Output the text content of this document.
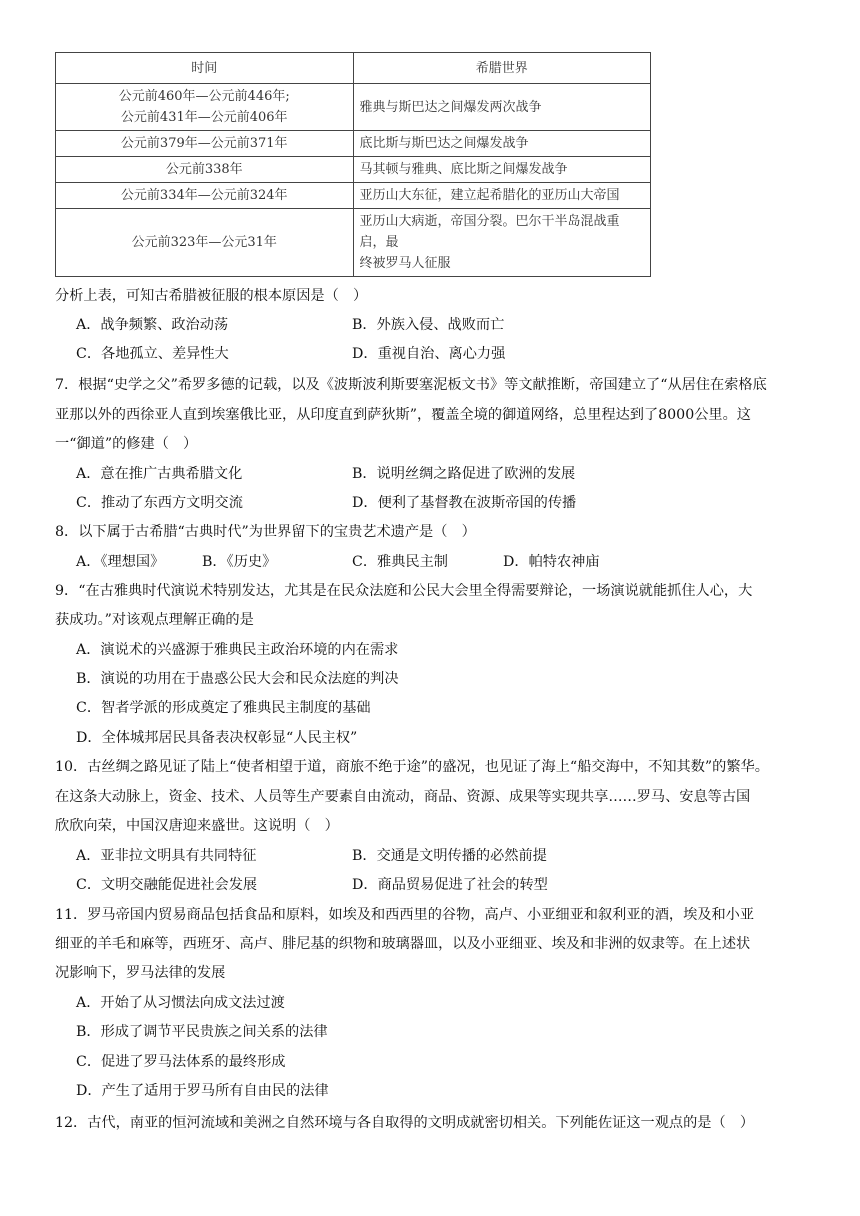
时间	希腊世界

公元前460年—公元前446年;
公元前431年—公元前406年	雅典与斯巴达之间爆发两次战争

公元前379年—公元前371年	底比斯与斯巴达之间爆发战争

公元前338年	马其顿与雅典、底比斯之间爆发战争

公元前334年—公元前324年	亚历山大东征，建立起希腊化的亚历山大帝国

公元前323年—公元31年	亚历山大病逝，帝国分裂。巴尔干半岛混战重启，最
终被罗马人征服
分析上表，可知古希腊被征服的根本原因是（　）
A．战争频繁、政治动荡	B．外族入侵、战败而亡
C．各地孤立、差异性大	D．重视自治、离心力强
7．根据“史学之父”希罗多德的记载，以及《波斯波利斯要塞泥板文书》等文献推断，帝国建立了“从居住在索格底
亚那以外的西徐亚人直到埃塞俄比亚，从印度直到萨狄斯”，覆盖全境的御道网络，总里程达到了8000公里。这
一“御道”的修建（　）
A．意在推广古典希腊文化	B．说明丝绸之路促进了欧洲的发展
C．推动了东西方文明交流	D．便利了基督教在波斯帝国的传播
8．以下属于古希腊“古典时代”为世界留下的宝贵艺术遗产是（　）
A．《理想国》	B．《历史》	C．雅典民主制	D．帕特农神庙
9．“在古雅典时代演说术特别发达，尤其是在民众法庭和公民大会里全得需要辩论，一场演说就能抓住人心，大
获成功。”对该观点理解正确的是
A．演说术的兴盛源于雅典民主政治环境的内在需求
B．演说的功用在于蛊惑公民大会和民众法庭的判决
C．智者学派的形成奠定了雅典民主制度的基础
D．全体城邦居民具备表决权彰显“人民主权”
10．古丝绸之路见证了陆上“使者相望于道，商旅不绝于途”的盛况，也见证了海上“船交海中，不知其数”的繁华。
在这条大动脉上，资金、技术、人员等生产要素自由流动，商品、资源、成果等实现共享……罗马、安息等古国
欣欣向荣，中国汉唐迎来盛世。这说明（　）
A．亚非拉文明具有共同特征	B．交通是文明传播的必然前提
C．文明交融能促进社会发展	D．商品贸易促进了社会的转型
11．罗马帝国内贸易商品包括食品和原料，如埃及和西西里的谷物，高卢、小亚细亚和叙利亚的酒，埃及和小亚
细亚的羊毛和麻等，西班牙、高卢、腓尼基的织物和玻璃器皿，以及小亚细亚、埃及和非洲的奴隶等。在上述状
况影响下，罗马法律的发展
A．开始了从习惯法向成文法过渡
B．形成了调节平民贵族之间关系的法律
C．促进了罗马法体系的最终形成
D．产生了适用于罗马所有自由民的法律
12．古代，南亚的恒河流域和美洲之自然环境与各自取得的文明成就密切相关。下列能佐证这一观点的是（　）
